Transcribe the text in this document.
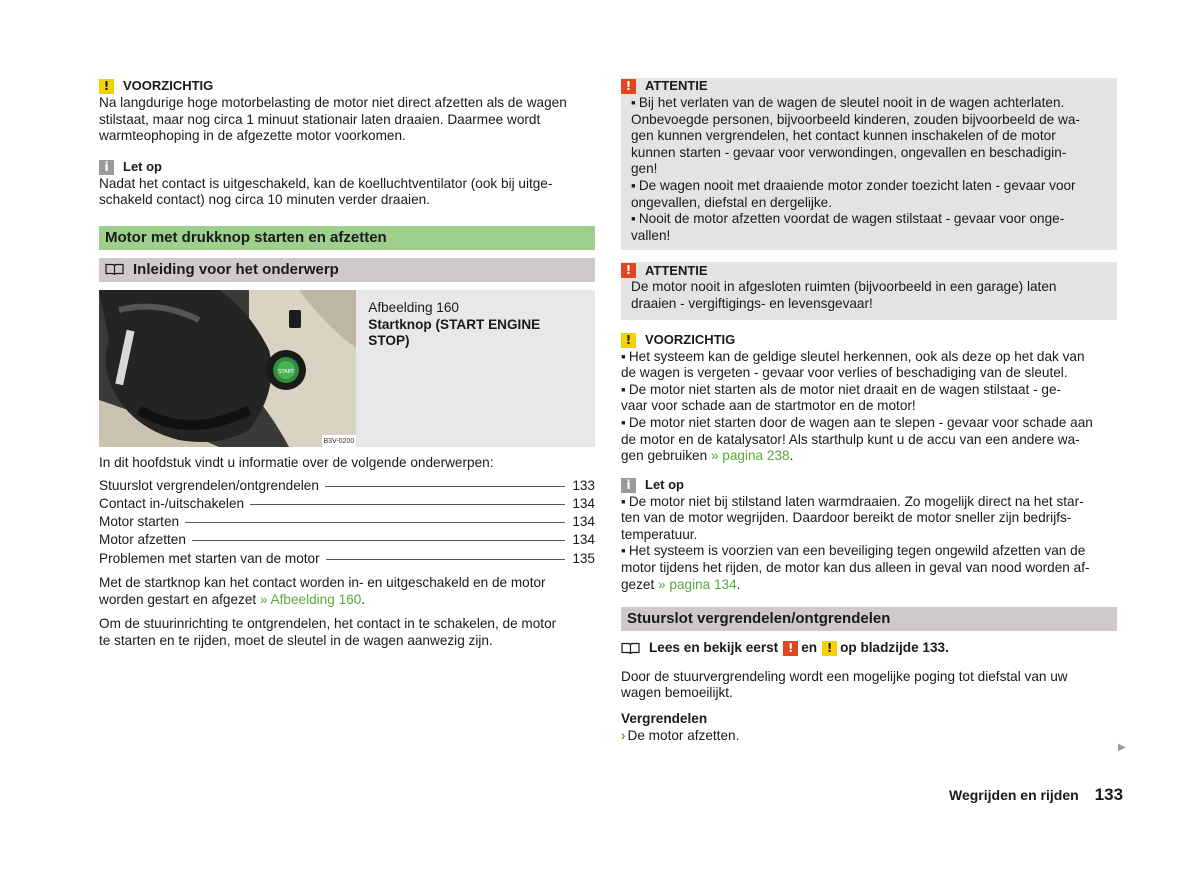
!	VOORZICHTIG

Na langdurige hoge motorbelasting de motor niet direct afzetten als de wagen

stilstaat, maar nog circa 1 minuut stationair laten draaien. Daarmee wordt

warmteophoping in de afgezette motor voorkomen.

i	Let op

Nadat het contact is uitgeschakeld, kan de koelluchtventilator (ook bij uitge-

schakeld contact) nog circa 10 minuten verder draaien.

Motor met drukknop starten en afzetten
Inleiding voor het onderwerp
START
B3V-0200

Afbeelding 160

Startknop (START ENGINE STOP)

In dit hoofdstuk vindt u informatie over de volgende onderwerpen:

Stuurslot vergrendelen/ontgrendelen	133
Contact in-/uitschakelen	134
Motor starten	134
Motor afzetten	134
Problemen met starten van de motor	135

Met de startknop kan het contact worden in- en uitgeschakeld en de motor

worden gestart en afgezet » Afbeelding 160.

Om de stuurinrichting te ontgrendelen, het contact in te schakelen, de motor

te starten en te rijden, moet de sleutel in de wagen aanwezig zijn.

!	ATTENTIE

▪ Bij het verlaten van de wagen de sleutel nooit in de wagen achterlaten.

Onbevoegde personen, bijvoorbeeld kinderen, zouden bijvoorbeeld de wa-

gen kunnen vergrendelen, het contact kunnen inschakelen of de motor

kunnen starten - gevaar voor verwondingen, ongevallen en beschadigin-

gen!

▪ De wagen nooit met draaiende motor zonder toezicht laten - gevaar voor

ongevallen, diefstal en dergelijke.

▪ Nooit de motor afzetten voordat de wagen stilstaat - gevaar voor onge-

vallen!

!	ATTENTIE

De motor nooit in afgesloten ruimten (bijvoorbeeld in een garage) laten

draaien - vergiftigings- en levensgevaar!

!	VOORZICHTIG

▪ Het systeem kan de geldige sleutel herkennen, ook als deze op het dak van

de wagen is vergeten - gevaar voor verlies of beschadiging van de sleutel.

▪ De motor niet starten als de motor niet draait en de wagen stilstaat - ge-

vaar voor schade aan de startmotor en de motor!

▪ De motor niet starten door de wagen aan te slepen - gevaar voor schade aan

de motor en de katalysator! Als starthulp kunt u de accu van een andere wa-

gen gebruiken » pagina 238.

i	Let op

▪ De motor niet bij stilstand laten warmdraaien. Zo mogelijk direct na het star-

ten van de motor wegrijden. Daardoor bereikt de motor sneller zijn bedrijfs-

temperatuur.

▪ Het systeem is voorzien van een beveiliging tegen ongewild afzetten van de

motor tijdens het rijden, de motor kan dus alleen in geval van nood worden af-

gezet » pagina 134.

Stuurslot vergrendelen/ontgrendelen
Lees en bekijk eerst ! en ! op bladzijde 133.

Door de stuurvergrendeling wordt een mogelijke poging tot diefstal van uw

wagen bemoeilijkt.

Vergrendelen

› De motor afzetten.

▶
Wegrijden en rijden 133
